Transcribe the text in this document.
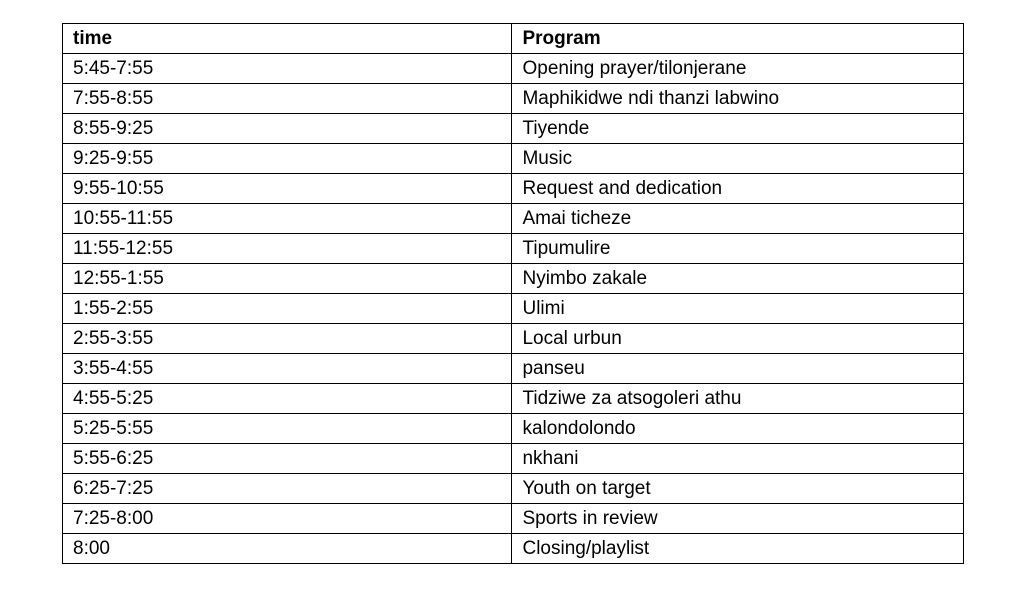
time	Program
5:45-7:55	Opening prayer/tilonjerane
7:55-8:55	Maphikidwe ndi thanzi labwino
8:55-9:25	Tiyende
9:25-9:55	Music
9:55-10:55	Request and dedication
10:55-11:55	Amai ticheze
11:55-12:55	Tipumulire
12:55-1:55	Nyimbo zakale
1:55-2:55	Ulimi
2:55-3:55	Local urbun
3:55-4:55	panseu
4:55-5:25	Tidziwe za atsogoleri athu
5:25-5:55	kalondolondo
5:55-6:25	nkhani
6:25-7:25	Youth on target
7:25-8:00	Sports in review
8:00	Closing/playlist
